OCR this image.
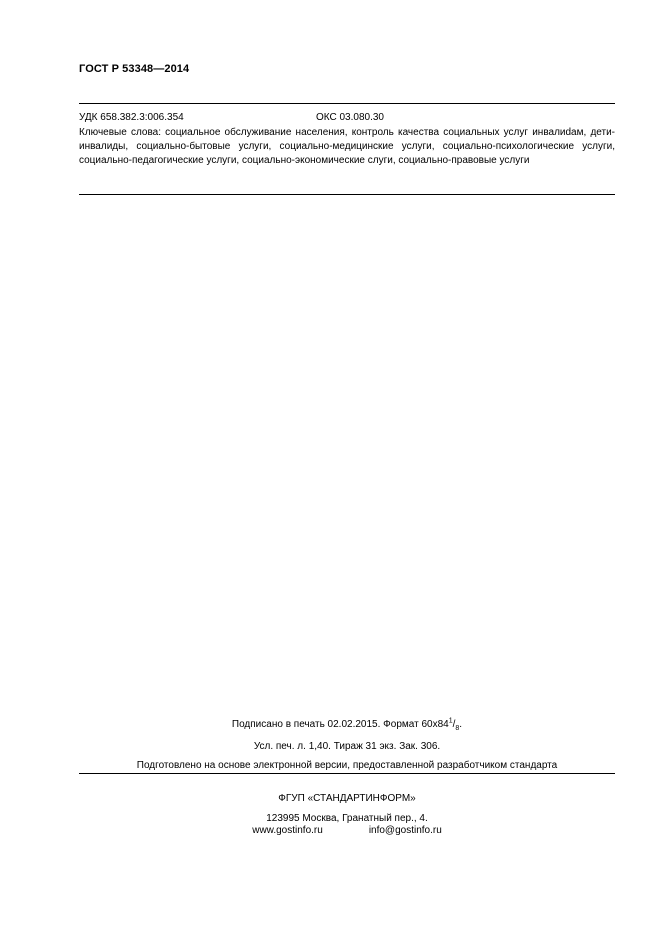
ГОСТ Р 53348—2014
УДК 658.382.3:006.354	ОКС 03.080.30
Ключевые слова: социальное обслуживание населения, контроль качества социальных услуг инвалиdам, дети-инвалиды, социально-бытовые услуги, социально-медицинские услуги, социально-психологические услуги, социально-педагогические услуги, социально-экономические слуги, социально-правовые услуги
Подписано в печать 02.02.2015. Формат $60х84^1/_8$.
Усл. печ. л. 1,40. Тираж 31 экз. Зак. 306.
Подготовлено на основе электронной версии, предоставленной разработчиком стандарта
ФГУП «СТАНДАРТИНФОРМ»
123995 Москва, Гранатный пер., 4.
www.gostinfo.ru	info@gostinfo.ru
